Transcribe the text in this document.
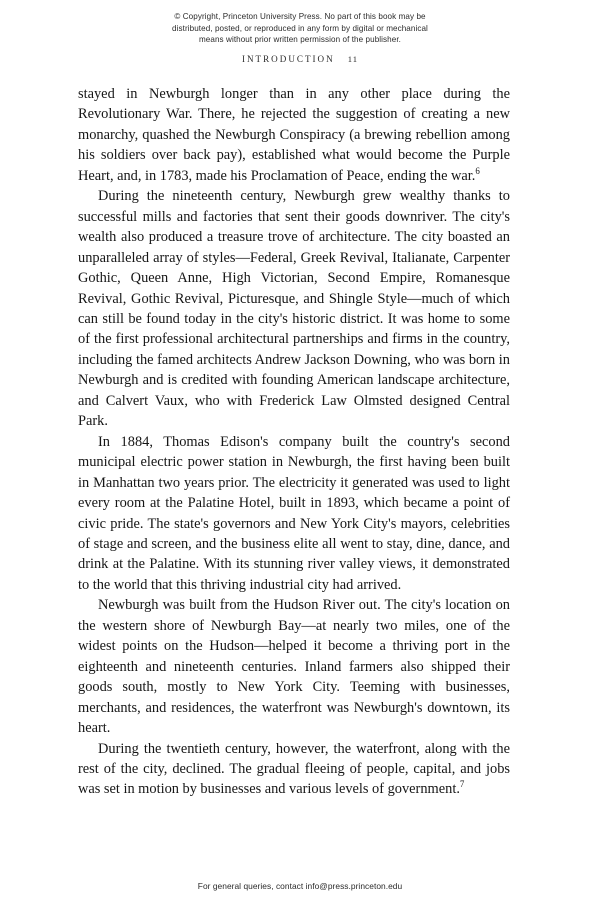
© Copyright, Princeton University Press. No part of this book may be
distributed, posted, or reproduced in any form by digital or mechanical
means without prior written permission of the publisher.
INTRODUCTION 11

stayed in Newburgh longer than in any other place during the Revolutionary War. There, he rejected the suggestion of creating a new monarchy, quashed the Newburgh Conspiracy (a brewing rebellion among his soldiers over back pay), established what would become the Purple Heart, and, in 1783, made his Proclamation of Peace, ending the war.$^6$

During the nineteenth century, Newburgh grew wealthy thanks to successful mills and factories that sent their goods downriver. The city's wealth also produced a treasure trove of architecture. The city boasted an unparalleled array of styles—Federal, Greek Revival, Italianate, Carpenter Gothic, Queen Anne, High Victorian, Second Empire, Romanesque Revival, Gothic Revival, Picturesque, and Shingle Style—much of which can still be found today in the city's historic district. It was home to some of the first professional architectural partnerships and firms in the country, including the famed architects Andrew Jackson Downing, who was born in Newburgh and is credited with founding American landscape architecture, and Calvert Vaux, who with Frederick Law Olmsted designed Central Park.

In 1884, Thomas Edison's company built the country's second municipal electric power station in Newburgh, the first having been built in Manhattan two years prior. The electricity it generated was used to light every room at the Palatine Hotel, built in 1893, which became a point of civic pride. The state's governors and New York City's mayors, celebrities of stage and screen, and the business elite all went to stay, dine, dance, and drink at the Palatine. With its stunning river valley views, it demonstrated to the world that this thriving industrial city had arrived.

Newburgh was built from the Hudson River out. The city's location on the western shore of Newburgh Bay—at nearly two miles, one of the widest points on the Hudson—helped it become a thriving port in the eighteenth and nineteenth centuries. Inland farmers also shipped their goods south, mostly to New York City. Teeming with businesses, merchants, and residences, the waterfront was Newburgh's downtown, its heart.

During the twentieth century, however, the waterfront, along with the rest of the city, declined. The gradual fleeing of people, capital, and jobs was set in motion by businesses and various levels of government.$^7$

For general queries, contact info@press.princeton.edu
